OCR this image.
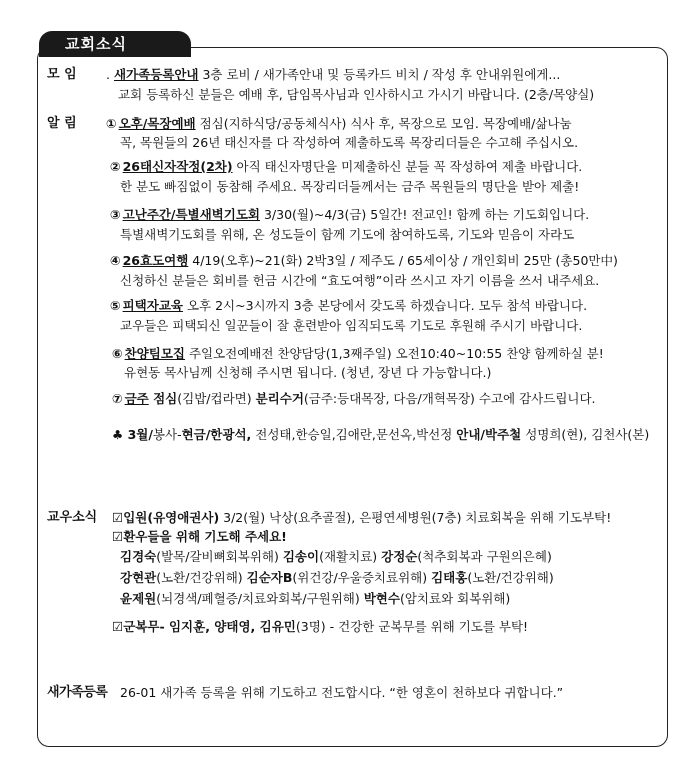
교회소식
모 임 . 새가족등록안내 3층 로비 / 새가족안내 및 등록카드 비치 / 작성 후 안내위원에게...
교회 등록하신 분들은 예배 후, 담임목사님과 인사하시고 가시기 바랍니다. (2층/목양실)
알 림 ① 오후/목장예배 점심(지하식당/공동체식사) 식사 후, 목장으로 모임. 목장예배/삶나눔
꼭, 목원들의 26년 태신자를 다 작성하여 제출하도록 목장리더들은 수고해 주십시오.
② 26태신자작정(2차) 아직 태신자명단을 미제출하신 분들 꼭 작성하여 제출 바랍니다.
한 분도 빠짐없이 동참해 주세요. 목장리더들께서는 금주 목원들의 명단을 받아 제출!
③ 고난주간/특별새벽기도회 3/30(월)~4/3(금) 5일간! 전교인! 함께 하는 기도회입니다.
특별새벽기도회를 위해, 온 성도들이 함께 기도에 참여하도록, 기도와 믿음이 자라도
④ 26효도여행 4/19(오후)~21(화) 2박3일 / 제주도 / 65세이상 / 개인회비 25만 (총50만中)
신청하신 분들은 회비를 헌금 시간에 “효도여행”이라 쓰시고 자기 이름을 쓰서 내주세요.
⑤ 피택자교육 오후 2시~3시까지 3층 본당에서 갖도록 하겠습니다. 모두 참석 바랍니다.
교우들은 피택되신 일꾼들이 잘 훈련받아 임직되도록 기도로 후원해 주시기 바랍니다.
⑥ 찬양팀모집 주일오전예배전 찬양담당(1,3째주일) 오전10:40~10:55 찬양 함께하실 분!
유현동 목사님께 신청해 주시면 됩니다. (청년, 장년 다 가능합니다.)
⑦ 금주 점심(김밥/컵라면) 분리수거(금주:등대목장, 다음/개혁목장) 수고에 감사드립니다.
♣ 3월/봉사-현금/한광석, 전성태,한승일,김애란,문선옥,박선정 안내/박주철 성명희(현), 김천사(본)
교우소식 ☑입원(유영애권사) 3/2(월) 낙상(요추골절), 은평연세병원(7층) 치료회복을 위해 기도부탁!
☑환우들을 위해 기도해 주세요!
김경숙(발목/갈비뼈회복위해) 김송이(재활치료) 강정순(척추회복과 구원의은혜)
강현관(노환/건강위해) 김순자B(위건강/우울증치료위해) 김태홍(노환/건강위해)
윤제원(뇌경색/폐혈증/치료와회복/구원위해) 박현수(암치료와 회복위해)
☑군복무- 임지훈, 양태영, 김유민(3명) - 건강한 군복무를 위해 기도를 부탁!
새가족등록 26-01 새가족 등록을 위해 기도하고 전도합시다. “한 영혼이 천하보다 귀합니다.”
